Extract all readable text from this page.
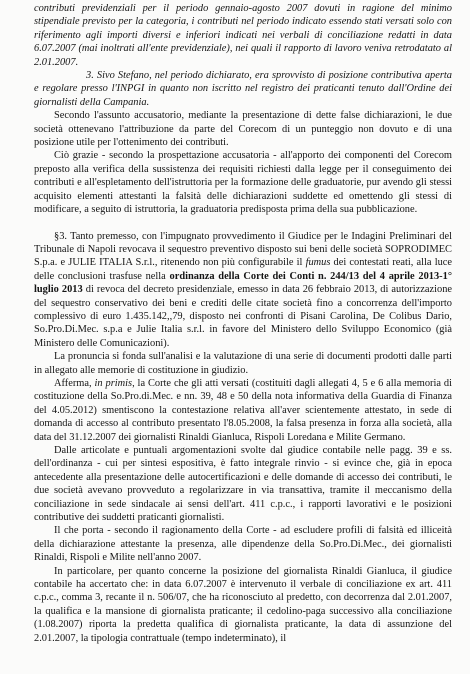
contributi previdenziali per il periodo gennaio-agosto 2007 dovuti in ragione del minimo stipendiale previsto per la categoria, i contributi nel periodo indicato essendo stati versati solo con riferimento agli importi diversi e inferiori indicati nei verbali di conciliazione redatti in data 6.07.2007 (mai inoltrati all'ente previdenziale), nei quali il rapporto di lavoro veniva retrodatato al 2.01.2007.

3. Sivo Stefano, nel periodo dichiarato, era sprovvisto di posizione contributiva aperta e regolare presso l'INPGI in quanto non iscritto nel registro dei praticanti tenuto dall'Ordine dei giornalisti della Campania.

Secondo l'assunto accusatorio, mediante la presentazione di dette false dichiarazioni, le due società ottenevano l'attribuzione da parte del Corecom di un punteggio non dovuto e di una posizione utile per l'ottenimento dei contributi.

Ciò grazie - secondo la prospettazione accusatoria - all'apporto dei componenti del Corecom preposto alla verifica della sussistenza dei requisiti richiesti dalla legge per il conseguimento dei contributi e all'espletamento dell'istruttoria per la formazione delle graduatorie, pur avendo gli stessi acquisito elementi attestanti la falsità delle dichiarazioni suddette ed omettendo gli stessi di modificare, a seguito di istruttoria, la graduatoria predisposta prima della sua pubblicazione.

§3. Tanto premesso, con l'impugnato provvedimento il Giudice per le Indagini Preliminari del Tribunale di Napoli revocava il sequestro preventivo disposto sui beni delle società SOPRODIMEC S.p.a. e JULIE ITALIA S.r.l., ritenendo non più configurabile il fumus dei contestati reati, alla luce delle conclusioni trasfuse nella ordinanza della Corte dei Conti n. 244/13 del 4 aprile 2013-1° luglio 2013 di revoca del decreto presidenziale, emesso in data 26 febbraio 2013, di autorizzazione del sequestro conservativo dei beni e crediti delle citate società fino a concorrenza dell'importo complessivo di euro 1.435.142,,79, disposto nei confronti di Pisani Carolina, De Colibus Dario, So.Pro.Di.Mec. s.p.a e Julie Italia s.r.l. in favore del Ministero dello Sviluppo Economico (già Ministero delle Comunicazioni).

La pronuncia si fonda sull'analisi e la valutazione di una serie di documenti prodotti dalle parti in allegato alle memorie di costituzione in giudizio.

Afferma, in primis, la Corte che gli atti versati (costituiti dagli allegati 4, 5 e 6 alla memoria di costituzione della So.Pro.di.Mec. e nn. 39, 48 e 50 della nota informativa della Guardia di Finanza del 4.05.2012) smentiscono la contestazione relativa all'aver scientemente attestato, in sede di domanda di accesso al contributo presentato l'8.05.2008, la falsa presenza in forza alla società, alla data del 31.12.2007 dei giornalisti Rinaldi Gianluca, Rispoli Loredana e Milite Germano.

Dalle articolate e puntuali argomentazioni svolte dal giudice contabile nelle pagg. 39 e ss. dell'ordinanza - cui per sintesi espositiva, è fatto integrale rinvio - si evince che, già in epoca antecedente alla presentazione delle autocertificazioni e delle domande di accesso dei contributi, le due società avevano provveduto a regolarizzare in via transattiva, tramite il meccanismo della conciliazione in sede sindacale ai sensi dell'art. 411 c.p.c., i rapporti lavorativi e le posizioni contributive dei suddetti praticanti giornalisti.

Il che porta - secondo il ragionamento della Corte - ad escludere profili di falsità ed illiceità della dichiarazione attestante la presenza, alle dipendenze della So.Pro.Di.Mec., dei giornalisti Rinaldi, Rispoli e Milite nell'anno 2007.

In particolare, per quanto concerne la posizione del giornalista Rinaldi Gianluca, il giudice contabile ha accertato che: in data 6.07.2007 è intervenuto il verbale di conciliazione ex art. 411 c.p.c., comma 3, recante il n. 506/07, che ha riconosciuto al predetto, con decorrenza dal 2.01.2007, la qualifica e la mansione di giornalista praticante; il cedolino-paga successivo alla conciliazione (1.08.2007) riporta la predetta qualifica di giornalista praticante, la data di assunzione del 2.01.2007, la tipologia contrattuale (tempo indeterminato), il
